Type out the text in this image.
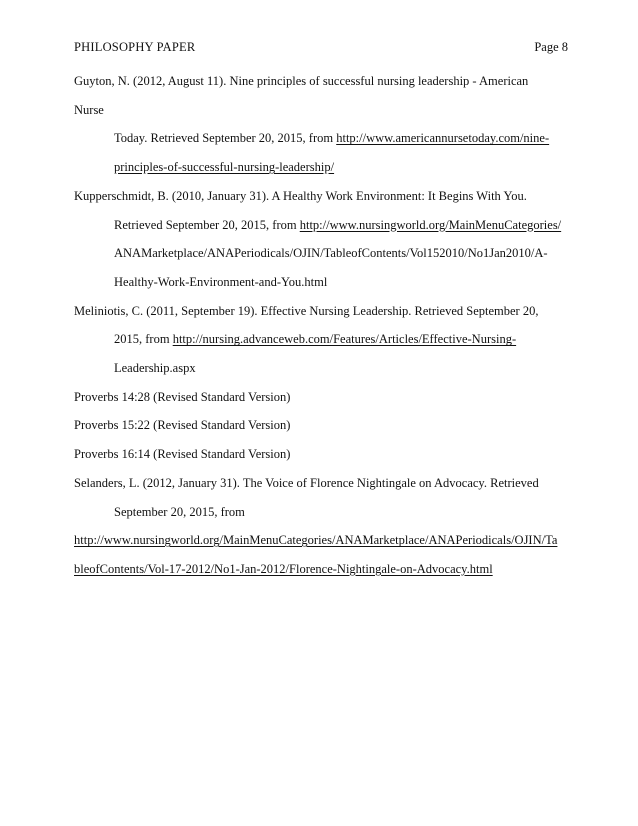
PHILOSOPHY PAPER	Page 8
Guyton, N. (2012, August 11). Nine principles of successful nursing leadership - American
Nurse
Today. Retrieved September 20, 2015, from http://www.americannursetoday.com/nine-
principles-of-successful-nursing-leadership/
Kupperschmidt, B. (2010, January 31). A Healthy Work Environment: It Begins With You.
Retrieved September 20, 2015, from http://www.nursingworld.org/MainMenuCategories/
ANAMarketplace/ANAPeriodicals/OJIN/TableofContents/Vol152010/No1Jan2010/A-
Healthy-Work-Environment-and-You.html
Meliniotis, C. (2011, September 19). Effective Nursing Leadership. Retrieved September 20,
2015, from http://nursing.advanceweb.com/Features/Articles/Effective-Nursing-
Leadership.aspx
Proverbs 14:28 (Revised Standard Version)
Proverbs 15:22 (Revised Standard Version)
Proverbs 16:14 (Revised Standard Version)
Selanders, L. (2012, January 31). The Voice of Florence Nightingale on Advocacy. Retrieved
September 20, 2015, from
http://www.nursingworld.org/MainMenuCategories/ANAMarketplace/ANAPeriodicals/OJIN/Ta
bleofContents/Vol-17-2012/No1-Jan-2012/Florence-Nightingale-on-Advocacy.html
